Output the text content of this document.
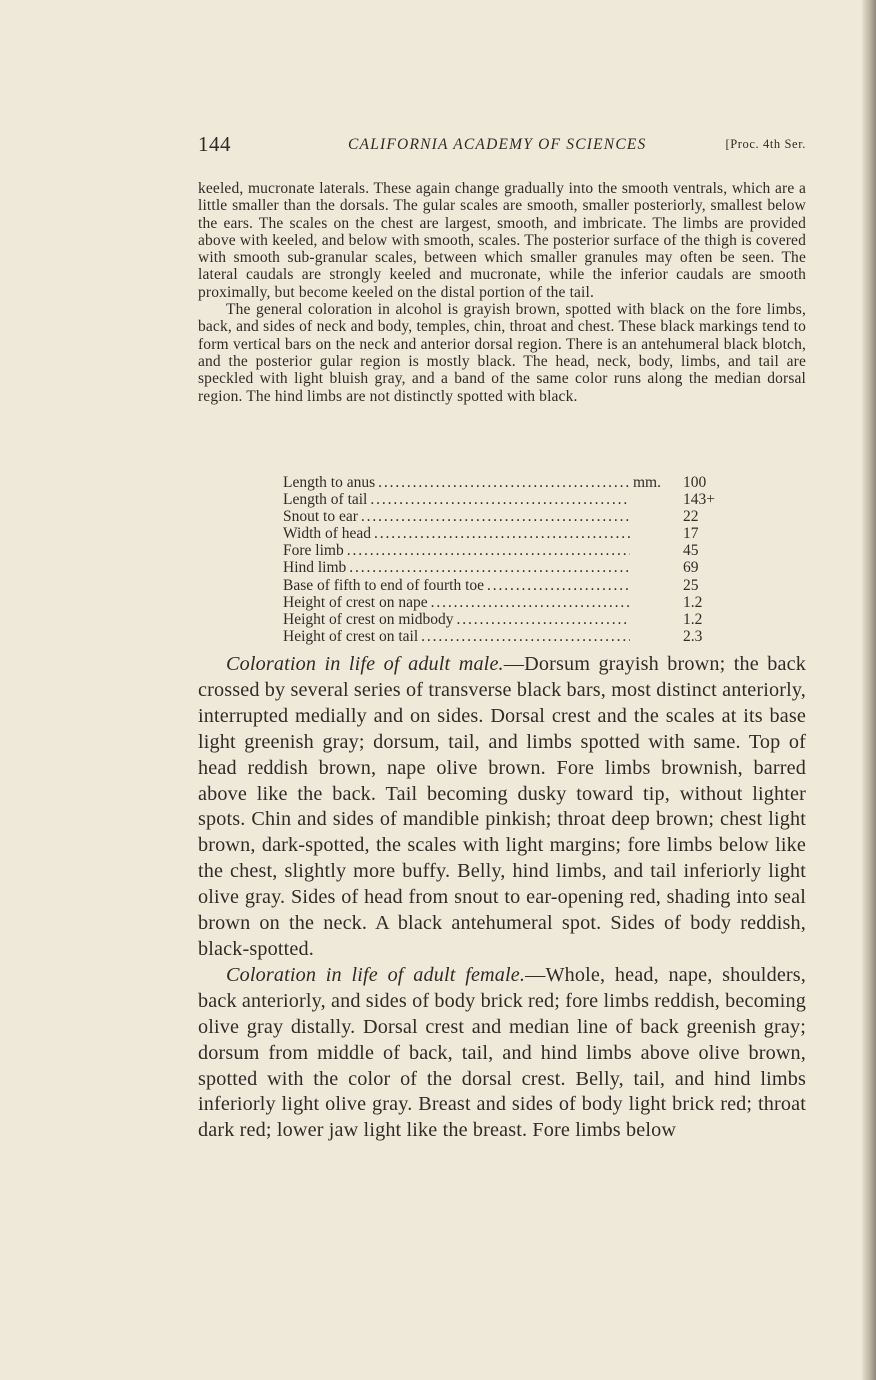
144	CALIFORNIA ACADEMY OF SCIENCES	[Proc. 4th Ser.

keeled, mucronate laterals. These again change gradually into the smooth ventrals, which are a little smaller than the dorsals. The gular scales are smooth, smaller posteriorly, smallest below the ears. The scales on the chest are largest, smooth, and imbricate. The limbs are provided above with keeled, and below with smooth, scales. The posterior surface of the thigh is covered with smooth sub-granular scales, between which smaller granules may often be seen. The lateral caudals are strongly keeled and mucronate, while the inferior caudals are smooth proximally, but become keeled on the distal portion of the tail.

The general coloration in alcohol is grayish brown, spotted with black on the fore limbs, back, and sides of neck and body, temples, chin, throat and chest. These black markings tend to form vertical bars on the neck and anterior dorsal region. There is an antehumeral black blotch, and the posterior gular region is mostly black. The head, neck, body, limbs, and tail are speckled with light bluish gray, and a band of the same color runs along the median dorsal region. The hind limbs are not distinctly spotted with black.

Length to anus . . .	mm.	100
Length of tail . . .	143+
Snout to ear . . .	22
Width of head . . .	17
Fore limb . . .	45
Hind limb . . .	69
Base of fifth to end of fourth toe . . .	25
Height of crest on nape . . .	1.2
Height of crest on midbody . . .	1.2
Height of crest on tail . . .	2.3

Coloration in life of adult male.—Dorsum grayish brown; the back crossed by several series of transverse black bars, most distinct anteriorly, interrupted medially and on sides. Dorsal crest and the scales at its base light greenish gray; dorsum, tail, and limbs spotted with same. Top of head reddish brown, nape olive brown. Fore limbs brownish, barred above like the back. Tail becoming dusky toward tip, without lighter spots. Chin and sides of mandible pinkish; throat deep brown; chest light brown, dark-spotted, the scales with light margins; fore limbs below like the chest, slightly more buffy. Belly, hind limbs, and tail inferiorly light olive gray. Sides of head from snout to ear-opening red, shading into seal brown on the neck. A black antehumeral spot. Sides of body reddish, black-spotted.

Coloration in life of adult female.—Whole, head, nape, shoulders, back anteriorly, and sides of body brick red; fore limbs reddish, becoming olive gray distally. Dorsal crest and median line of back greenish gray; dorsum from middle of back, tail, and hind limbs above olive brown, spotted with the color of the dorsal crest. Belly, tail, and hind limbs inferiorly light olive gray. Breast and sides of body light brick red; throat dark red; lower jaw light like the breast. Fore limbs below
